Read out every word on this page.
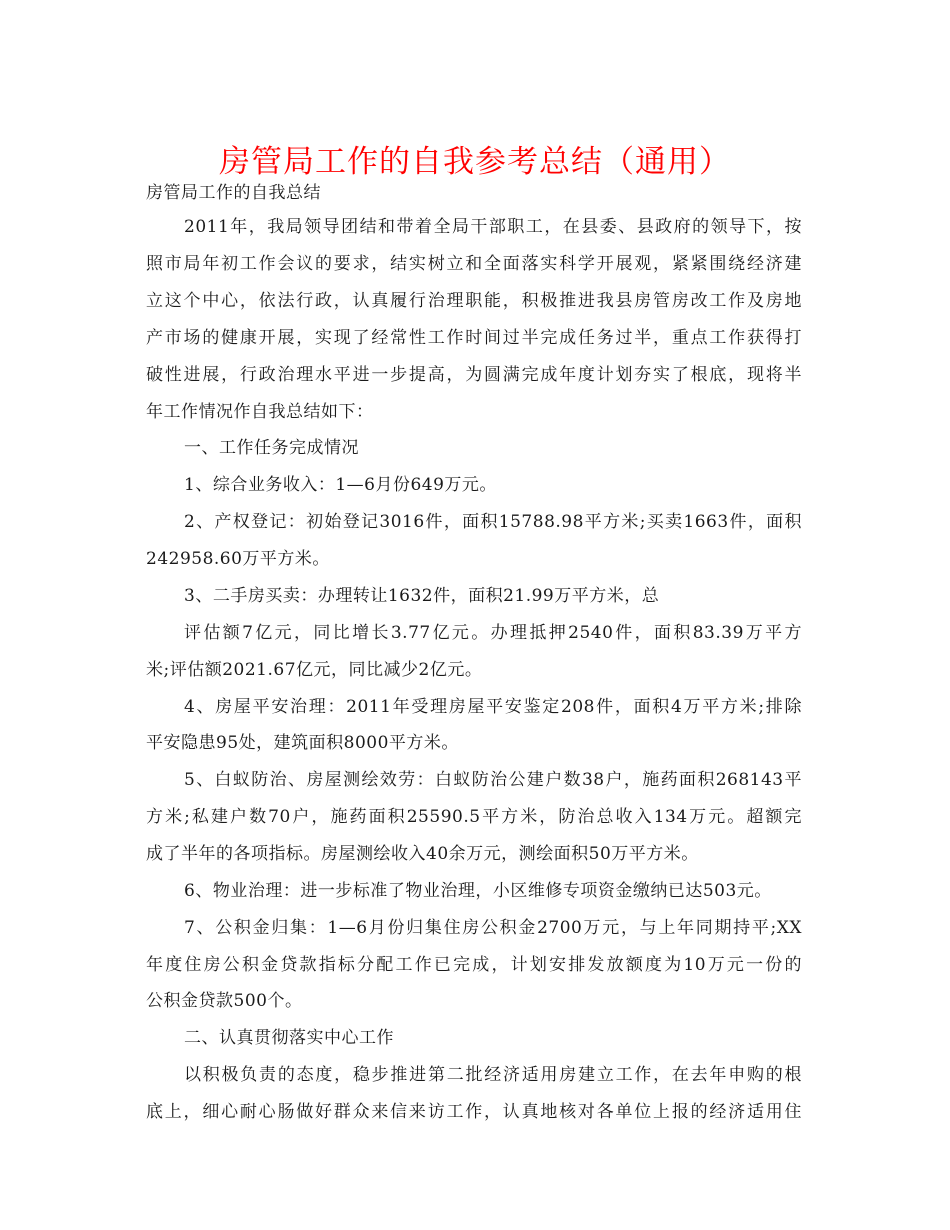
房管局工作的自我参考总结（通用）
房管局工作的自我总结
2011年，我局领导团结和带着全局干部职工，在县委、县政府的领导下，按
照市局年初工作会议的要求，结实树立和全面落实科学开展观，紧紧围绕经济建
立这个中心，依法行政，认真履行治理职能，积极推进我县房管房改工作及房地
产市场的健康开展，实现了经常性工作时间过半完成任务过半，重点工作获得打
破性进展，行政治理水平进一步提高，为圆满完成年度计划夯实了根底，现将半
年工作情况作自我总结如下：
一、工作任务完成情况
1、综合业务收入：1—6月份649万元。
2、产权登记：初始登记3016件，面积15788.98平方米;买卖1663件，面积
242958.60万平方米。
3、二手房买卖：办理转让1632件，面积21.99万平方米，总
评估额7亿元，同比增长3.77亿元。办理抵押2540件，面积83.39万平方
米;评估额2021.67亿元，同比减少2亿元。
4、房屋平安治理：2011年受理房屋平安鉴定208件，面积4万平方米;排除
平安隐患95处，建筑面积8000平方米。
5、白蚁防治、房屋测绘效劳：白蚁防治公建户数38户，施药面积268143平
方米;私建户数70户，施药面积25590.5平方米，防治总收入134万元。超额完
成了半年的各项指标。房屋测绘收入40余万元，测绘面积50万平方米。
6、物业治理：进一步标准了物业治理，小区维修专项资金缴纳已达503元。
7、公积金归集：1—6月份归集住房公积金2700万元，与上年同期持平;XX
年度住房公积金贷款指标分配工作已完成，计划安排发放额度为10万元一份的
公积金贷款500个。
二、认真贯彻落实中心工作
以积极负责的态度，稳步推进第二批经济适用房建立工作，在去年申购的根
底上，细心耐心肠做好群众来信来访工作，认真地核对各单位上报的经济适用住
